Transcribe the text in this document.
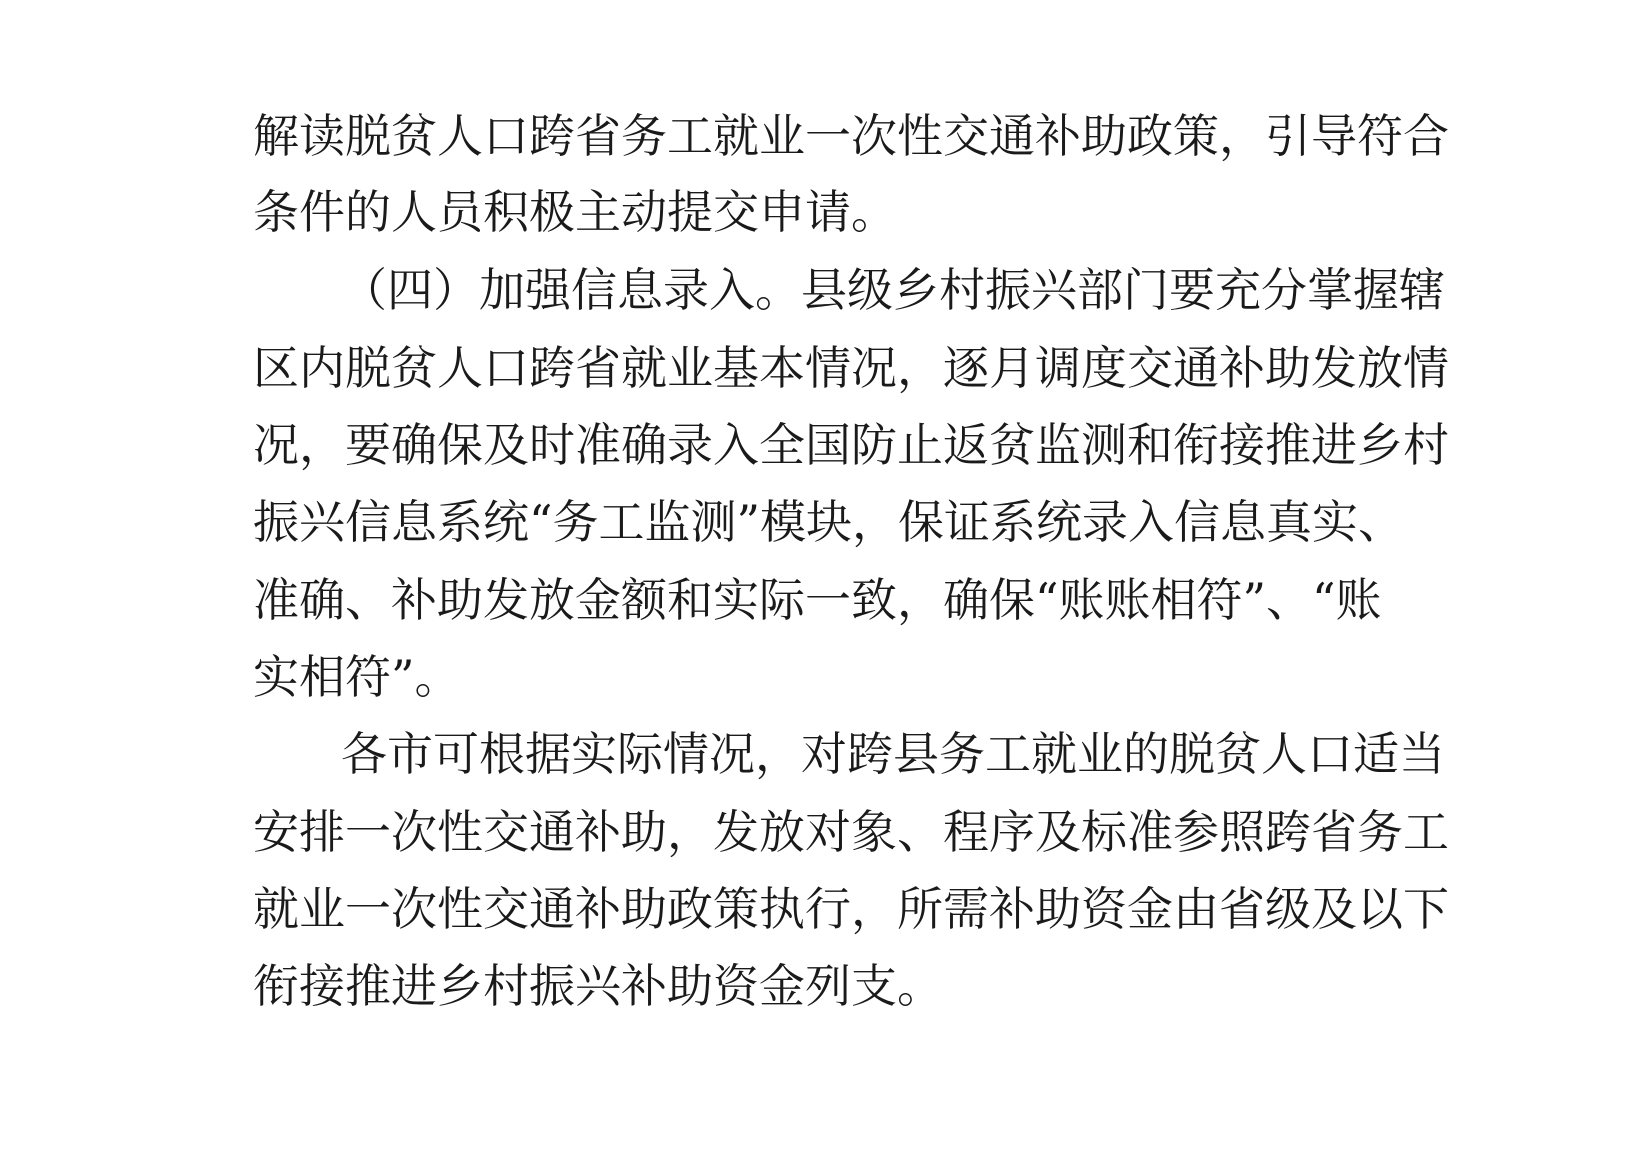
解读脱贫人口跨省务工就业一次性交通补助政策，引导符合
条件的人员积极主动提交申请。
（四）加强信息录入。县级乡村振兴部门要充分掌握辖
区内脱贫人口跨省就业基本情况，逐月调度交通补助发放情
况，要确保及时准确录入全国防止返贫监测和衔接推进乡村
振兴信息系统“务工监测”模块，保证系统录入信息真实、
准确、补助发放金额和实际一致，确保“账账相符”、“账
实相符”。
各市可根据实际情况，对跨县务工就业的脱贫人口适当
安排一次性交通补助，发放对象、程序及标准参照跨省务工
就业一次性交通补助政策执行，所需补助资金由省级及以下
衔接推进乡村振兴补助资金列支。
